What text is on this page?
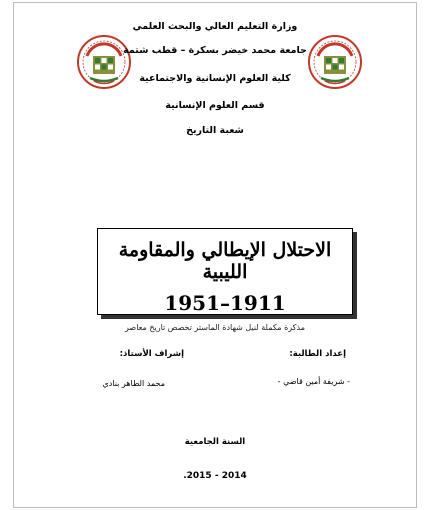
وزارة التعليم العالي والبحث العلمي
جامعة محمد خيضر بسكرة – قطب شتمة
كلية العلوم الإنسانية والاجتماعية
قسم العلوم الإنسانية
شعبة التاريخ
الاحتلال الإيطالي والمقاومة الليبية
1951–1911
مذكرة مكملة لنيل شهادة الماستر تخصص تاريخ معاصر
إعداد الطالبة:
إشراف الأستاذ:
- شريفة أمين قاضي -
محمد الطاهر بنادي
السنة الجامعية
2014 - 2015.
